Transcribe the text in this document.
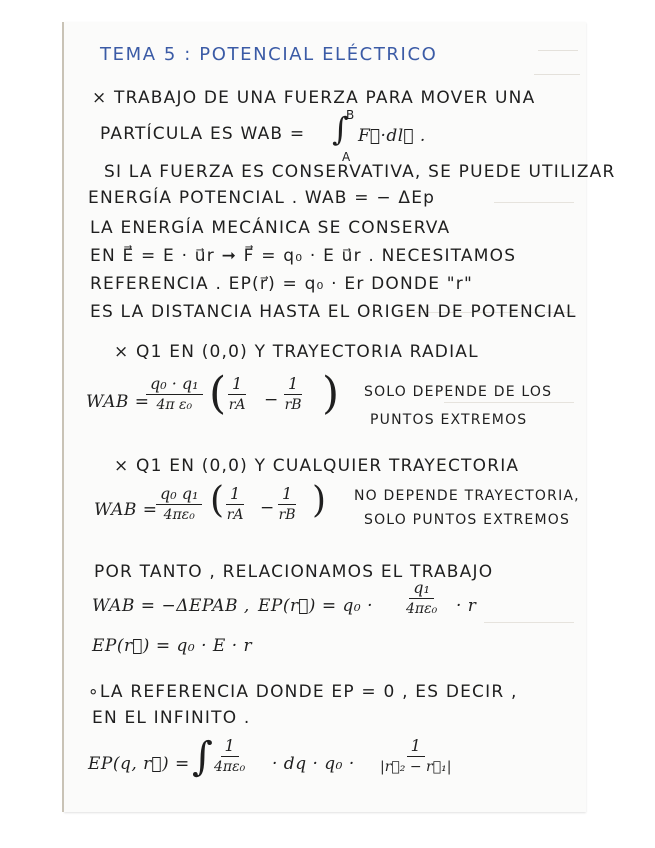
TEMA 5 : POTENCIAL ELÉCTRICO
× TRABAJO DE UNA FUERZA PARA MOVER UNA
PARTÍCULA ES WAB = ∫
B
A
F⃗·dl⃗ .
SI LA FUERZA ES CONSERVATIVA, SE PUEDE UTILIZAR
ENERGÍA POTENCIAL . WAB = − ΔEp
LA ENERGÍA MECÁNICA SE CONSERVA
EN E⃗ = E · u⃗r ➞ F⃗ = q₀ · E u⃗r . NECESITAMOS
REFERENCIA . EP(r⃗) = q₀ · Er DONDE "r"
ES LA DISTANCIA HASTA EL ORIGEN DE POTENCIAL
× Q1 EN (0,0) Y TRAYECTORIA RADIAL
WAB =
$\frac{\text{q₀ · q₁}}{\text{4π ε₀}}$ ( $\frac{1}{rA} - \frac{1}{rB}$ ) SOLO DEPENDE DE LOS
PUNTOS EXTREMOS
× Q1 EN (0,0) Y CUALQUIER TRAYECTORIA
WAB =
$\frac{\text{q₀ q₁}}{\text{4πε₀}}$ ( $\frac{1}{rA} - \frac{1}{rB}$ ) NO DEPENDE TRAYECTORIA,
SOLO PUNTOS EXTREMOS
POR TANTO , RELACIONAMOS EL TRABAJO
WAB = −ΔEPAB , EP(r⃗) = $q_0 \cdot \frac{\text{q₁}}{\text{4πε₀}} \cdot r$
EP(r⃗) = q₀ · E · r
∘LA REFERENCIA DONDE EP = 0 , ES DECIR ,
EN EL INFINITO .
EP(q, r⃗) = ∫ $\frac{1}{\text{4πε₀}}$ · dq · $q_0 \cdot \frac{1}{\text{|r⃗₂ − r⃗₁|}}$
